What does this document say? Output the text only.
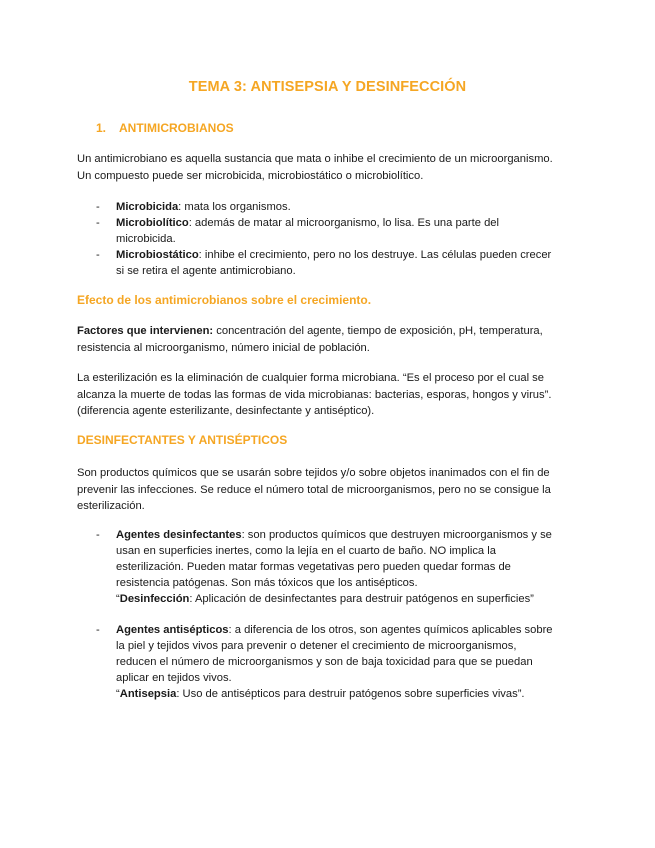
TEMA 3: ANTISEPSIA Y DESINFECCIÓN
1. ANTIMICROBIANOS
Un antimicrobiano es aquella sustancia que mata o inhibe el crecimiento de un microorganismo.
Un compuesto puede ser microbicida, microbiostático o microbiolítico.
- Microbicida: mata los organismos.
- Microbiolítico: además de matar al microorganismo, lo lisa. Es una parte del
microbicida.
- Microbiostático: inhibe el crecimiento, pero no los destruye. Las células pueden crecer
si se retira el agente antimicrobiano.
Efecto de los antimicrobianos sobre el crecimiento.
Factores que intervienen: concentración del agente, tiempo de exposición, pH, temperatura,
resistencia al microorganismo, número inicial de población.
La esterilización es la eliminación de cualquier forma microbiana. “Es el proceso por el cual se
alcanza la muerte de todas las formas de vida microbianas: bacterias, esporas, hongos y virus”.
(diferencia agente esterilizante, desinfectante y antiséptico).
DESINFECTANTES Y ANTISÉPTICOS
Son productos químicos que se usarán sobre tejidos y/o sobre objetos inanimados con el fin de
prevenir las infecciones. Se reduce el número total de microorganismos, pero no se consigue la
esterilización.
- Agentes desinfectantes: son productos químicos que destruyen microorganismos y se
usan en superficies inertes, como la lejía en el cuarto de baño. NO implica la
esterilización. Pueden matar formas vegetativas pero pueden quedar formas de
resistencia patógenas. Son más tóxicos que los antisépticos.
“Desinfección: Aplicación de desinfectantes para destruir patógenos en superficies”
- Agentes antisépticos: a diferencia de los otros, son agentes químicos aplicables sobre
la piel y tejidos vivos para prevenir o detener el crecimiento de microorganismos,
reducen el número de microorganismos y son de baja toxicidad para que se puedan
aplicar en tejidos vivos.
“Antisepsia: Uso de antisépticos para destruir patógenos sobre superficies vivas”.
